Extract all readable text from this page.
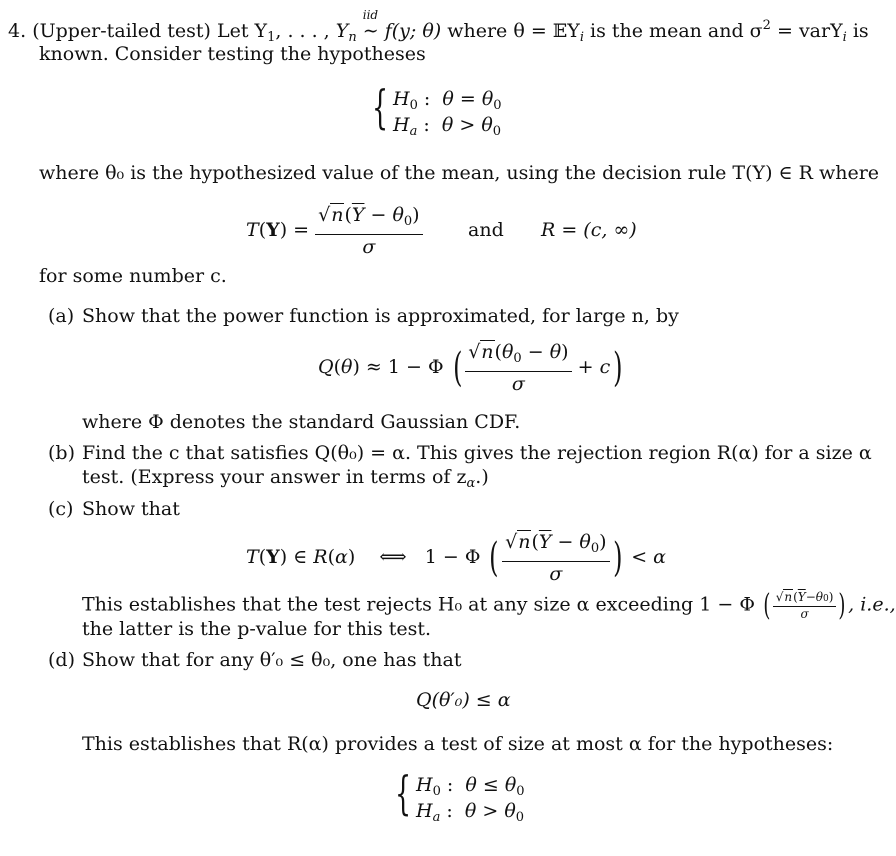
4. (Upper-tailed test) Let $Y_1$, . . . , $Y_n$
iid
∼ f(y; θ) where θ = 𝔼Y$_i$ is the mean and $\sigma^2$ = varY$_i$ is
known. Consider testing the hypotheses
{ $H_0$ :  $\theta = \theta_0$
$H_a$ :  $\theta > \theta_0$
where θ₀ is the hypothesized value of the mean, using the decision rule T(Y) ∈ R where
$T(Y) = \frac{√n(\overline{Y} - \theta_0)}{\sigma}$ and R = (c, ∞)
for some number c.
(a) Show that the power function is approximated, for large n, by
Q(θ) ≈ 1 − Φ ( $\frac{√n(\theta_0 - \theta)}{\sigma} + c$)
where Φ denotes the standard Gaussian CDF.
(b) Find the c that satisfies Q(θ₀) = α. This gives the rejection region R(α) for a size α
test. (Express your answer in terms of $z_\alpha$.)
(c) Show that
T(Y) ∈ R(α)    ⟺   1 − Φ ( $\frac{√n(\overline{Y} - \theta_0)}{\sigma}$ ) < α
This establishes that the test rejects H₀ at any size α exceeding 1 − Φ ( $\frac{√n(\overline{Y}-\theta 0)}{\sigma}$ ) , i.e.,
the latter is the p-value for this test.
(d) Show that for any θ′₀ ≤ θ₀, one has that
Q(θ′₀) ≤ α
This establishes that R(α) provides a test of size at most α for the hypotheses:
{ $H_0$ :  $\theta \le \theta_0$
$H_a$ :  $\theta > \theta_0$
